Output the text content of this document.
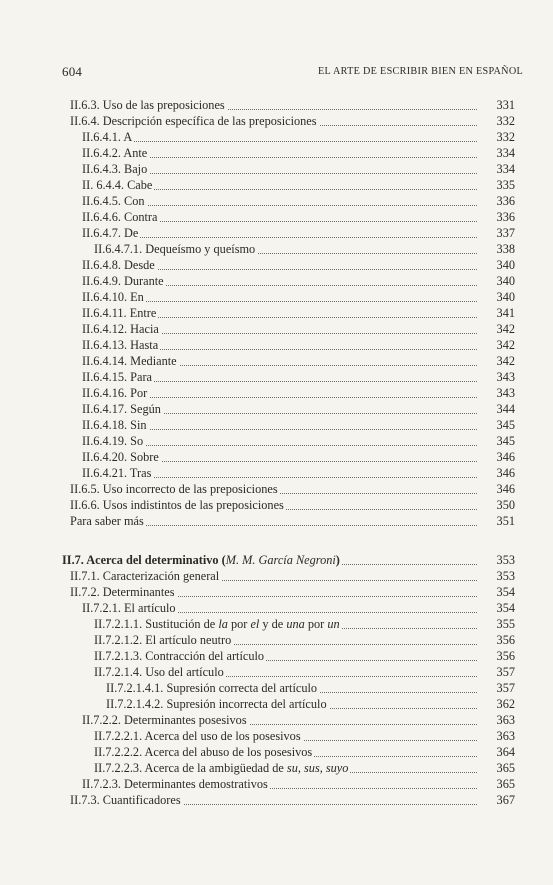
604	EL ARTE DE ESCRIBIR BIEN EN ESPAÑOL
II.6.3. Uso de las preposiciones	331
II.6.4. Descripción específica de las preposiciones	332
II.6.4.1. A	332
II.6.4.2. Ante	334
II.6.4.3. Bajo	334
II. 6.4.4. Cabe	335
II.6.4.5. Con	336
II.6.4.6. Contra	336
II.6.4.7. De	337
II.6.4.7.1. Dequeísmo y queísmo	338
II.6.4.8. Desde	340
II.6.4.9. Durante	340
II.6.4.10. En	340
II.6.4.11. Entre	341
II.6.4.12. Hacia	342
II.6.4.13. Hasta	342
II.6.4.14. Mediante	342
II.6.4.15. Para	343
II.6.4.16. Por	343
II.6.4.17. Según	344
II.6.4.18. Sin	345
II.6.4.19. So	345
II.6.4.20. Sobre	346
II.6.4.21. Tras	346
II.6.5. Uso incorrecto de las preposiciones	346
II.6.6. Usos indistintos de las preposiciones	350
Para saber más	351
II.7. Acerca del determinativo (M. M. García Negroni)	353
II.7.1. Caracterización general	353
II.7.2. Determinantes	354
II.7.2.1. El artículo	354
II.7.2.1.1. Sustitución de la por el y de una por un	355
II.7.2.1.2. El artículo neutro	356
II.7.2.1.3. Contracción del artículo	356
II.7.2.1.4. Uso del artículo	357
II.7.2.1.4.1. Supresión correcta del artículo	357
II.7.2.1.4.2. Supresión incorrecta del artículo	362
II.7.2.2. Determinantes posesivos	363
II.7.2.2.1. Acerca del uso de los posesivos	363
II.7.2.2.2. Acerca del abuso de los posesivos	364
II.7.2.2.3. Acerca de la ambigüedad de su, sus, suyo	365
II.7.2.3. Determinantes demostrativos	365
II.7.3. Cuantificadores	367
